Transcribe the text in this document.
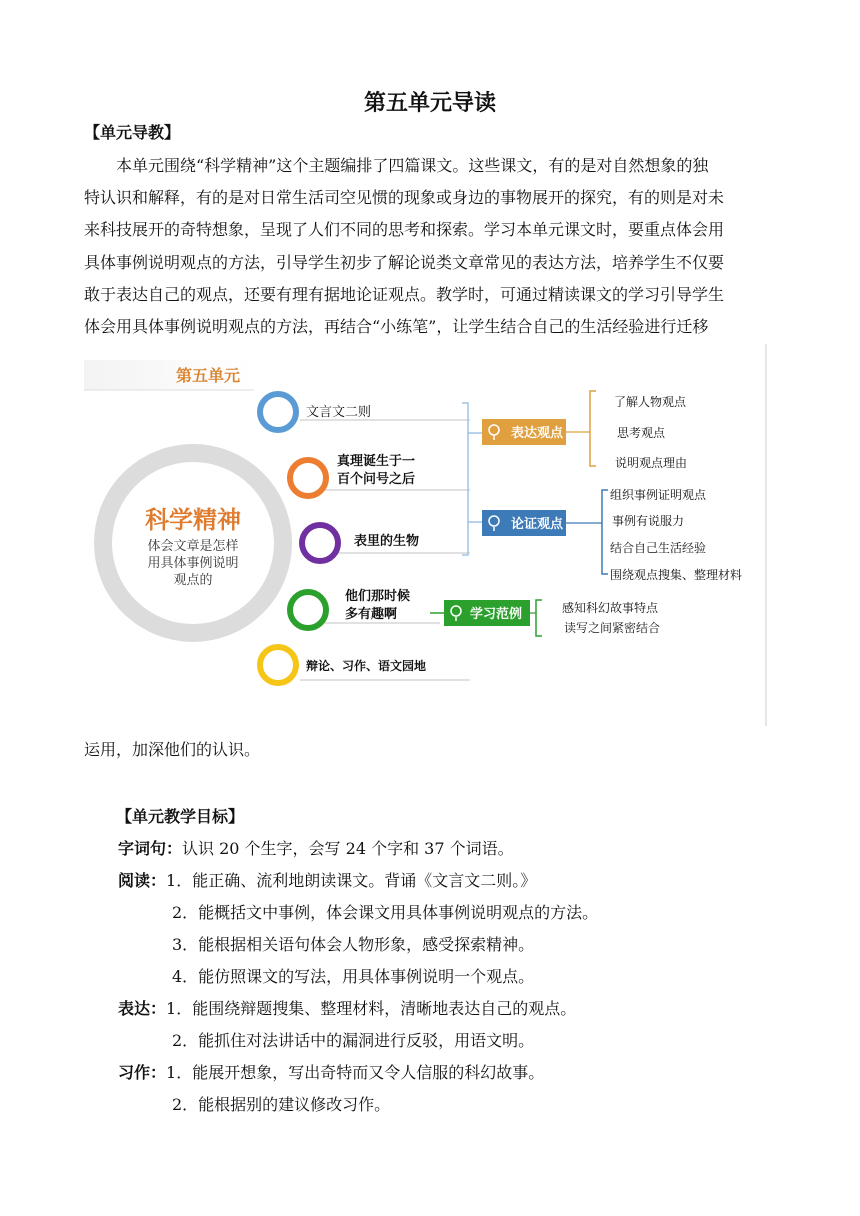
第五单元导读
【单元导教】
本单元围绕“科学精神”这个主题编排了四篇课文。这些课文，有的是对自然想象的独
特认识和解释，有的是对日常生活司空见惯的现象或身边的事物展开的探究，有的则是对未
来科技展开的奇特想象，呈现了人们不同的思考和探索。学习本单元课文时，要重点体会用
具体事例说明观点的方法，引导学生初步了解论说类文章常见的表达方法，培养学生不仅要
敢于表达自己的观点，还要有理有据地论证观点。教学时，可通过精读课文的学习引导学生
体会用具体事例说明观点的方法，再结合“小练笔”，让学生结合自己的生活经验进行迁移
第五单元
科学精神
体会文章是怎样
用具体事例说明
观点的
文言文二则
真理诞生于一
百个问号之后
表里的生物
他们那时候
多有趣啊
辩论、习作、语文园地
表达观点
了解人物观点
思考观点
说明观点理由
论证观点
组织事例证明观点
事例有说服力
结合自己生活经验
围绕观点搜集、整理材料
学习范例	感知科幻故事特点
读写之间紧密结合
运用，加深他们的认识。
【单元教学目标】
字词句：认识 20 个生字，会写 24 个字和 37 个词语。
阅读：1．能正确、流利地朗读课文。背诵《文言文二则。》
2．能概括文中事例，体会课文用具体事例说明观点的方法。
3．能根据相关语句体会人物形象，感受探索精神。
4．能仿照课文的写法，用具体事例说明一个观点。
表达：1．能围绕辩题搜集、整理材料，清晰地表达自己的观点。
2．能抓住对法讲话中的漏洞进行反驳，用语文明。
习作：1．能展开想象，写出奇特而又令人信服的科幻故事。
2．能根据别的建议修改习作。
